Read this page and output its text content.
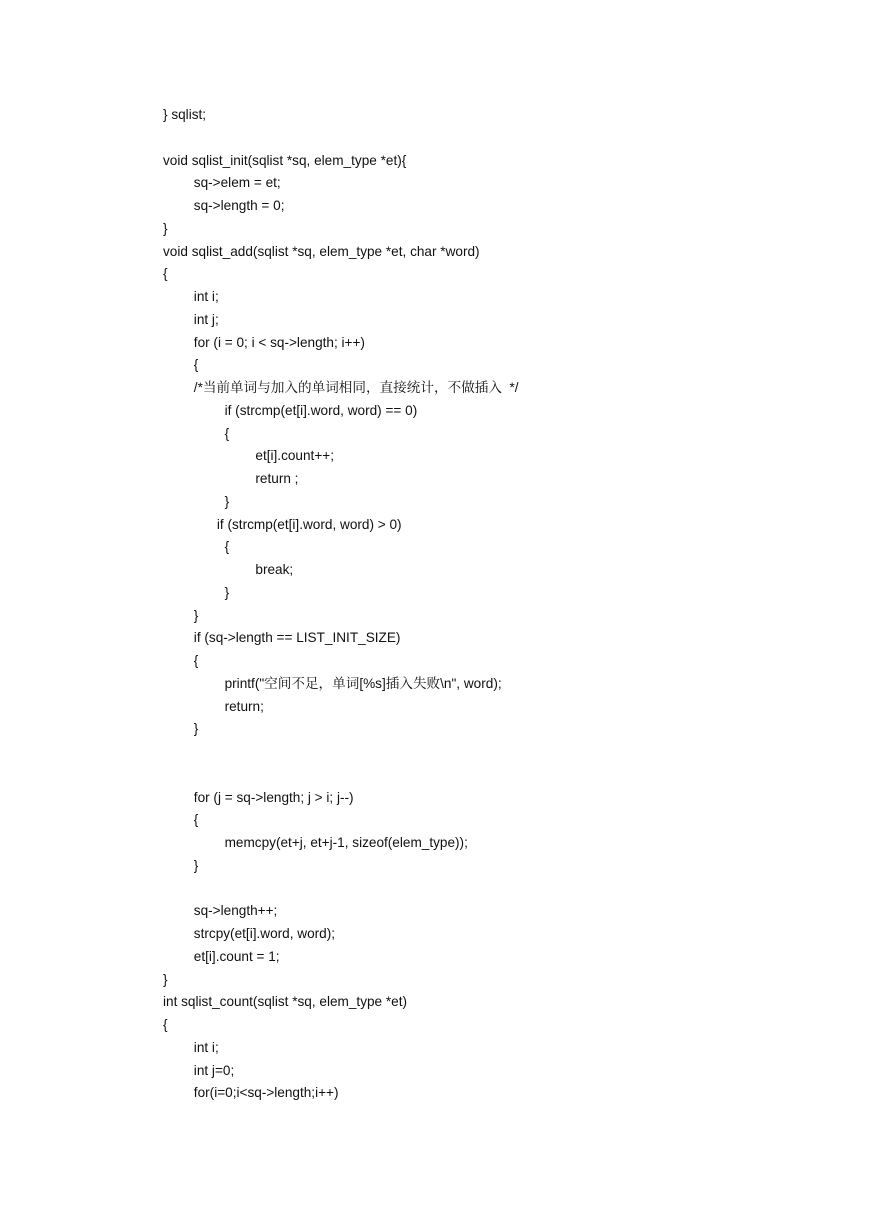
} sqlist;
void sqlist_init(sqlist *sq, elem_type *et){
sq->elem = et;
sq->length = 0;
}
void sqlist_add(sqlist *sq, elem_type *et, char *word)
{
int i;
int j;
for (i = 0; i < sq->length; i++)
{
/*当前单词与加入的单词相同，直接统计，不做插入  */
if (strcmp(et[i].word, word) == 0)
{
et[i].count++;
return ;
}
if (strcmp(et[i].word, word) > 0)
{
break;
}
}
if (sq->length == LIST_INIT_SIZE)
{
printf("空间不足，单词[%s]插入失败\n", word);
return;
}
for (j = sq->length; j > i; j--)
{
memcpy(et+j, et+j-1, sizeof(elem_type));
}
sq->length++;
strcpy(et[i].word, word);
et[i].count = 1;
}
int sqlist_count(sqlist *sq, elem_type *et)
{
int i;
int j=0;
for(i=0;i<sq->length;i++)
